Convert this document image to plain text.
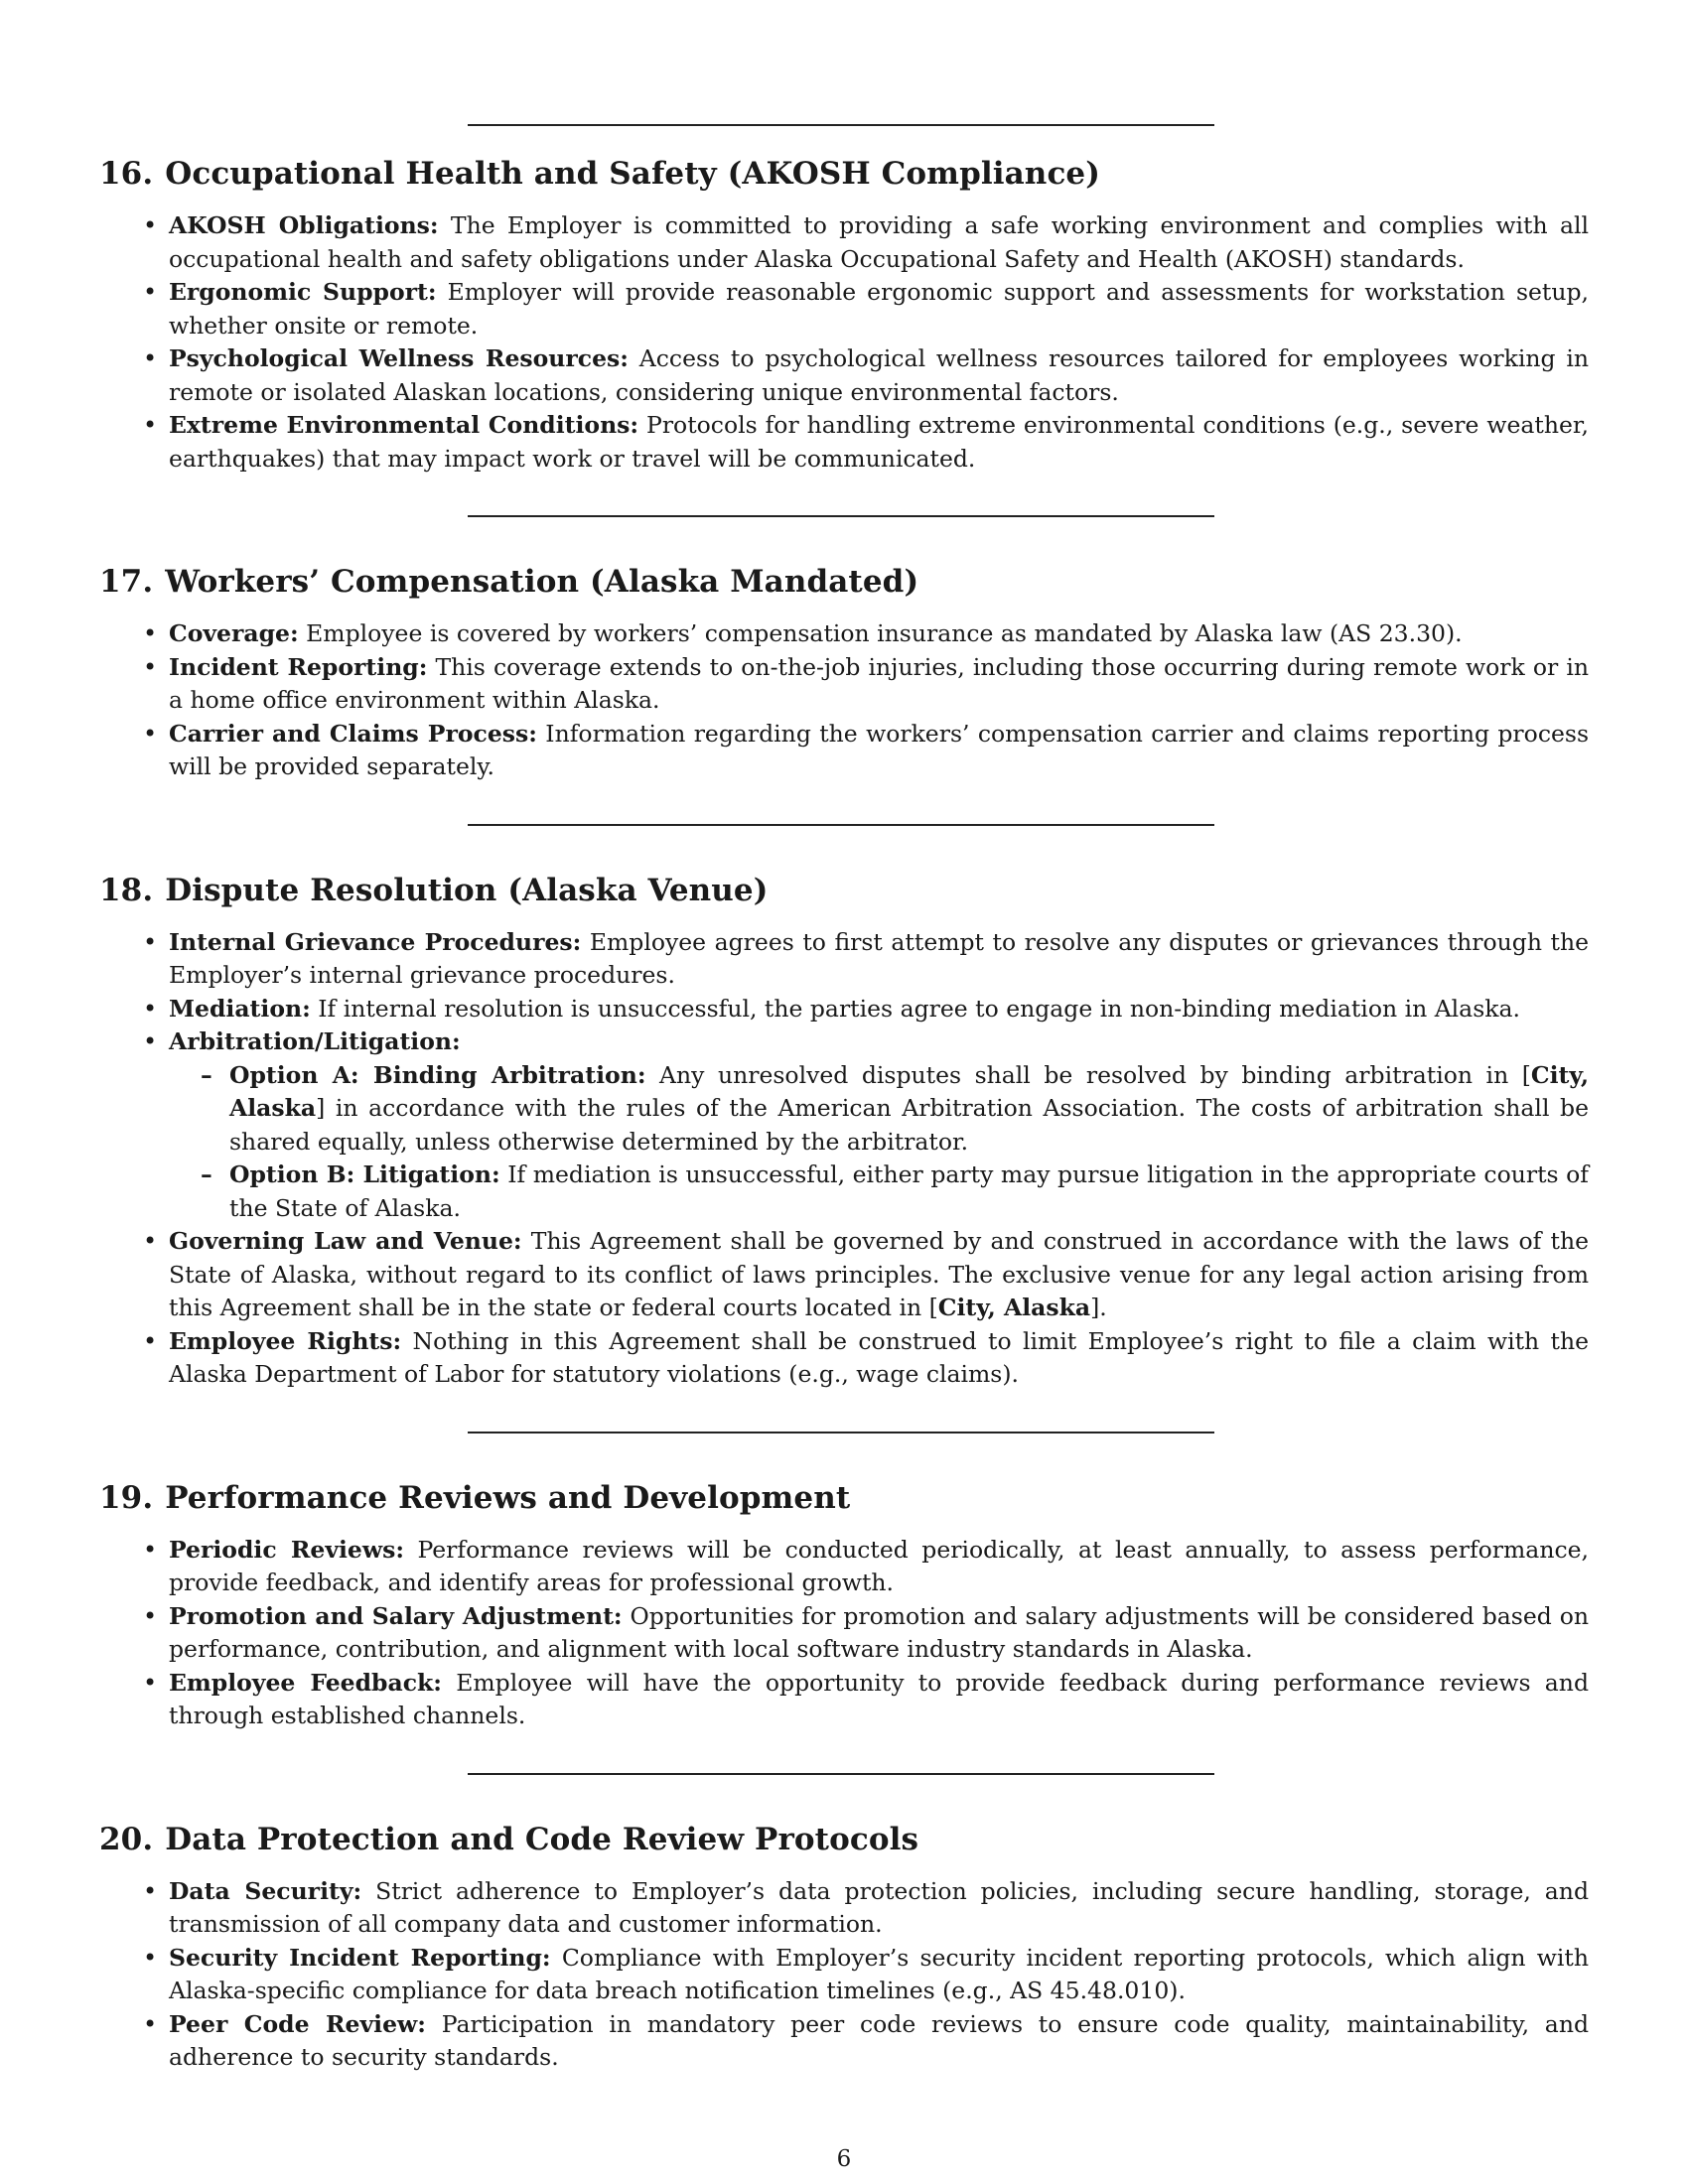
16. Occupational Health and Safety (AKOSH Compliance)
• AKOSH Obligations: The Employer is committed to providing a safe working environment and complies with all occupational health and safety obligations under Alaska Occupational Safety and Health (AKOSH) standards.
• Ergonomic Support: Employer will provide reasonable ergonomic support and assessments for workstation setup, whether onsite or remote.
• Psychological Wellness Resources: Access to psychological wellness resources tailored for employees working in remote or isolated Alaskan locations, considering unique environmental factors.
• Extreme Environmental Conditions: Protocols for handling extreme environmental conditions (e.g., severe weather, earthquakes) that may impact work or travel will be communicated.
17. Workers’ Compensation (Alaska Mandated)
• Coverage: Employee is covered by workers’ compensation insurance as mandated by Alaska law (AS 23.30).
• Incident Reporting: This coverage extends to on-the-job injuries, including those occurring during remote work or in a home office environment within Alaska.
• Carrier and Claims Process: Information regarding the workers’ compensation carrier and claims reporting process will be provided separately.
18. Dispute Resolution (Alaska Venue)
• Internal Grievance Procedures: Employee agrees to first attempt to resolve any disputes or grievances through the Employer’s internal grievance procedures.
• Mediation: If internal resolution is unsuccessful, the parties agree to engage in non-binding mediation in Alaska.
• Arbitration/Litigation:
– Option A: Binding Arbitration: Any unresolved disputes shall be resolved by binding arbitration in [City, Alaska] in accordance with the rules of the American Arbitration Association. The costs of arbitration shall be shared equally, unless otherwise determined by the arbitrator.
– Option B: Litigation: If mediation is unsuccessful, either party may pursue litigation in the appropriate courts of the State of Alaska.
• Governing Law and Venue: This Agreement shall be governed by and construed in accordance with the laws of the State of Alaska, without regard to its conflict of laws principles. The exclusive venue for any legal action arising from this Agreement shall be in the state or federal courts located in [City, Alaska].
• Employee Rights: Nothing in this Agreement shall be construed to limit Employee’s right to file a claim with the Alaska Department of Labor for statutory violations (e.g., wage claims).
19. Performance Reviews and Development
• Periodic Reviews: Performance reviews will be conducted periodically, at least annually, to assess performance, provide feedback, and identify areas for professional growth.
• Promotion and Salary Adjustment: Opportunities for promotion and salary adjustments will be considered based on performance, contribution, and alignment with local software industry standards in Alaska.
• Employee Feedback: Employee will have the opportunity to provide feedback during performance reviews and through established channels.
20. Data Protection and Code Review Protocols
• Data Security: Strict adherence to Employer’s data protection policies, including secure handling, storage, and transmission of all company data and customer information.
• Security Incident Reporting: Compliance with Employer’s security incident reporting protocols, which align with Alaska-specific compliance for data breach notification timelines (e.g., AS 45.48.010).
• Peer Code Review: Participation in mandatory peer code reviews to ensure code quality, maintainability, and adherence to security standards.
6
